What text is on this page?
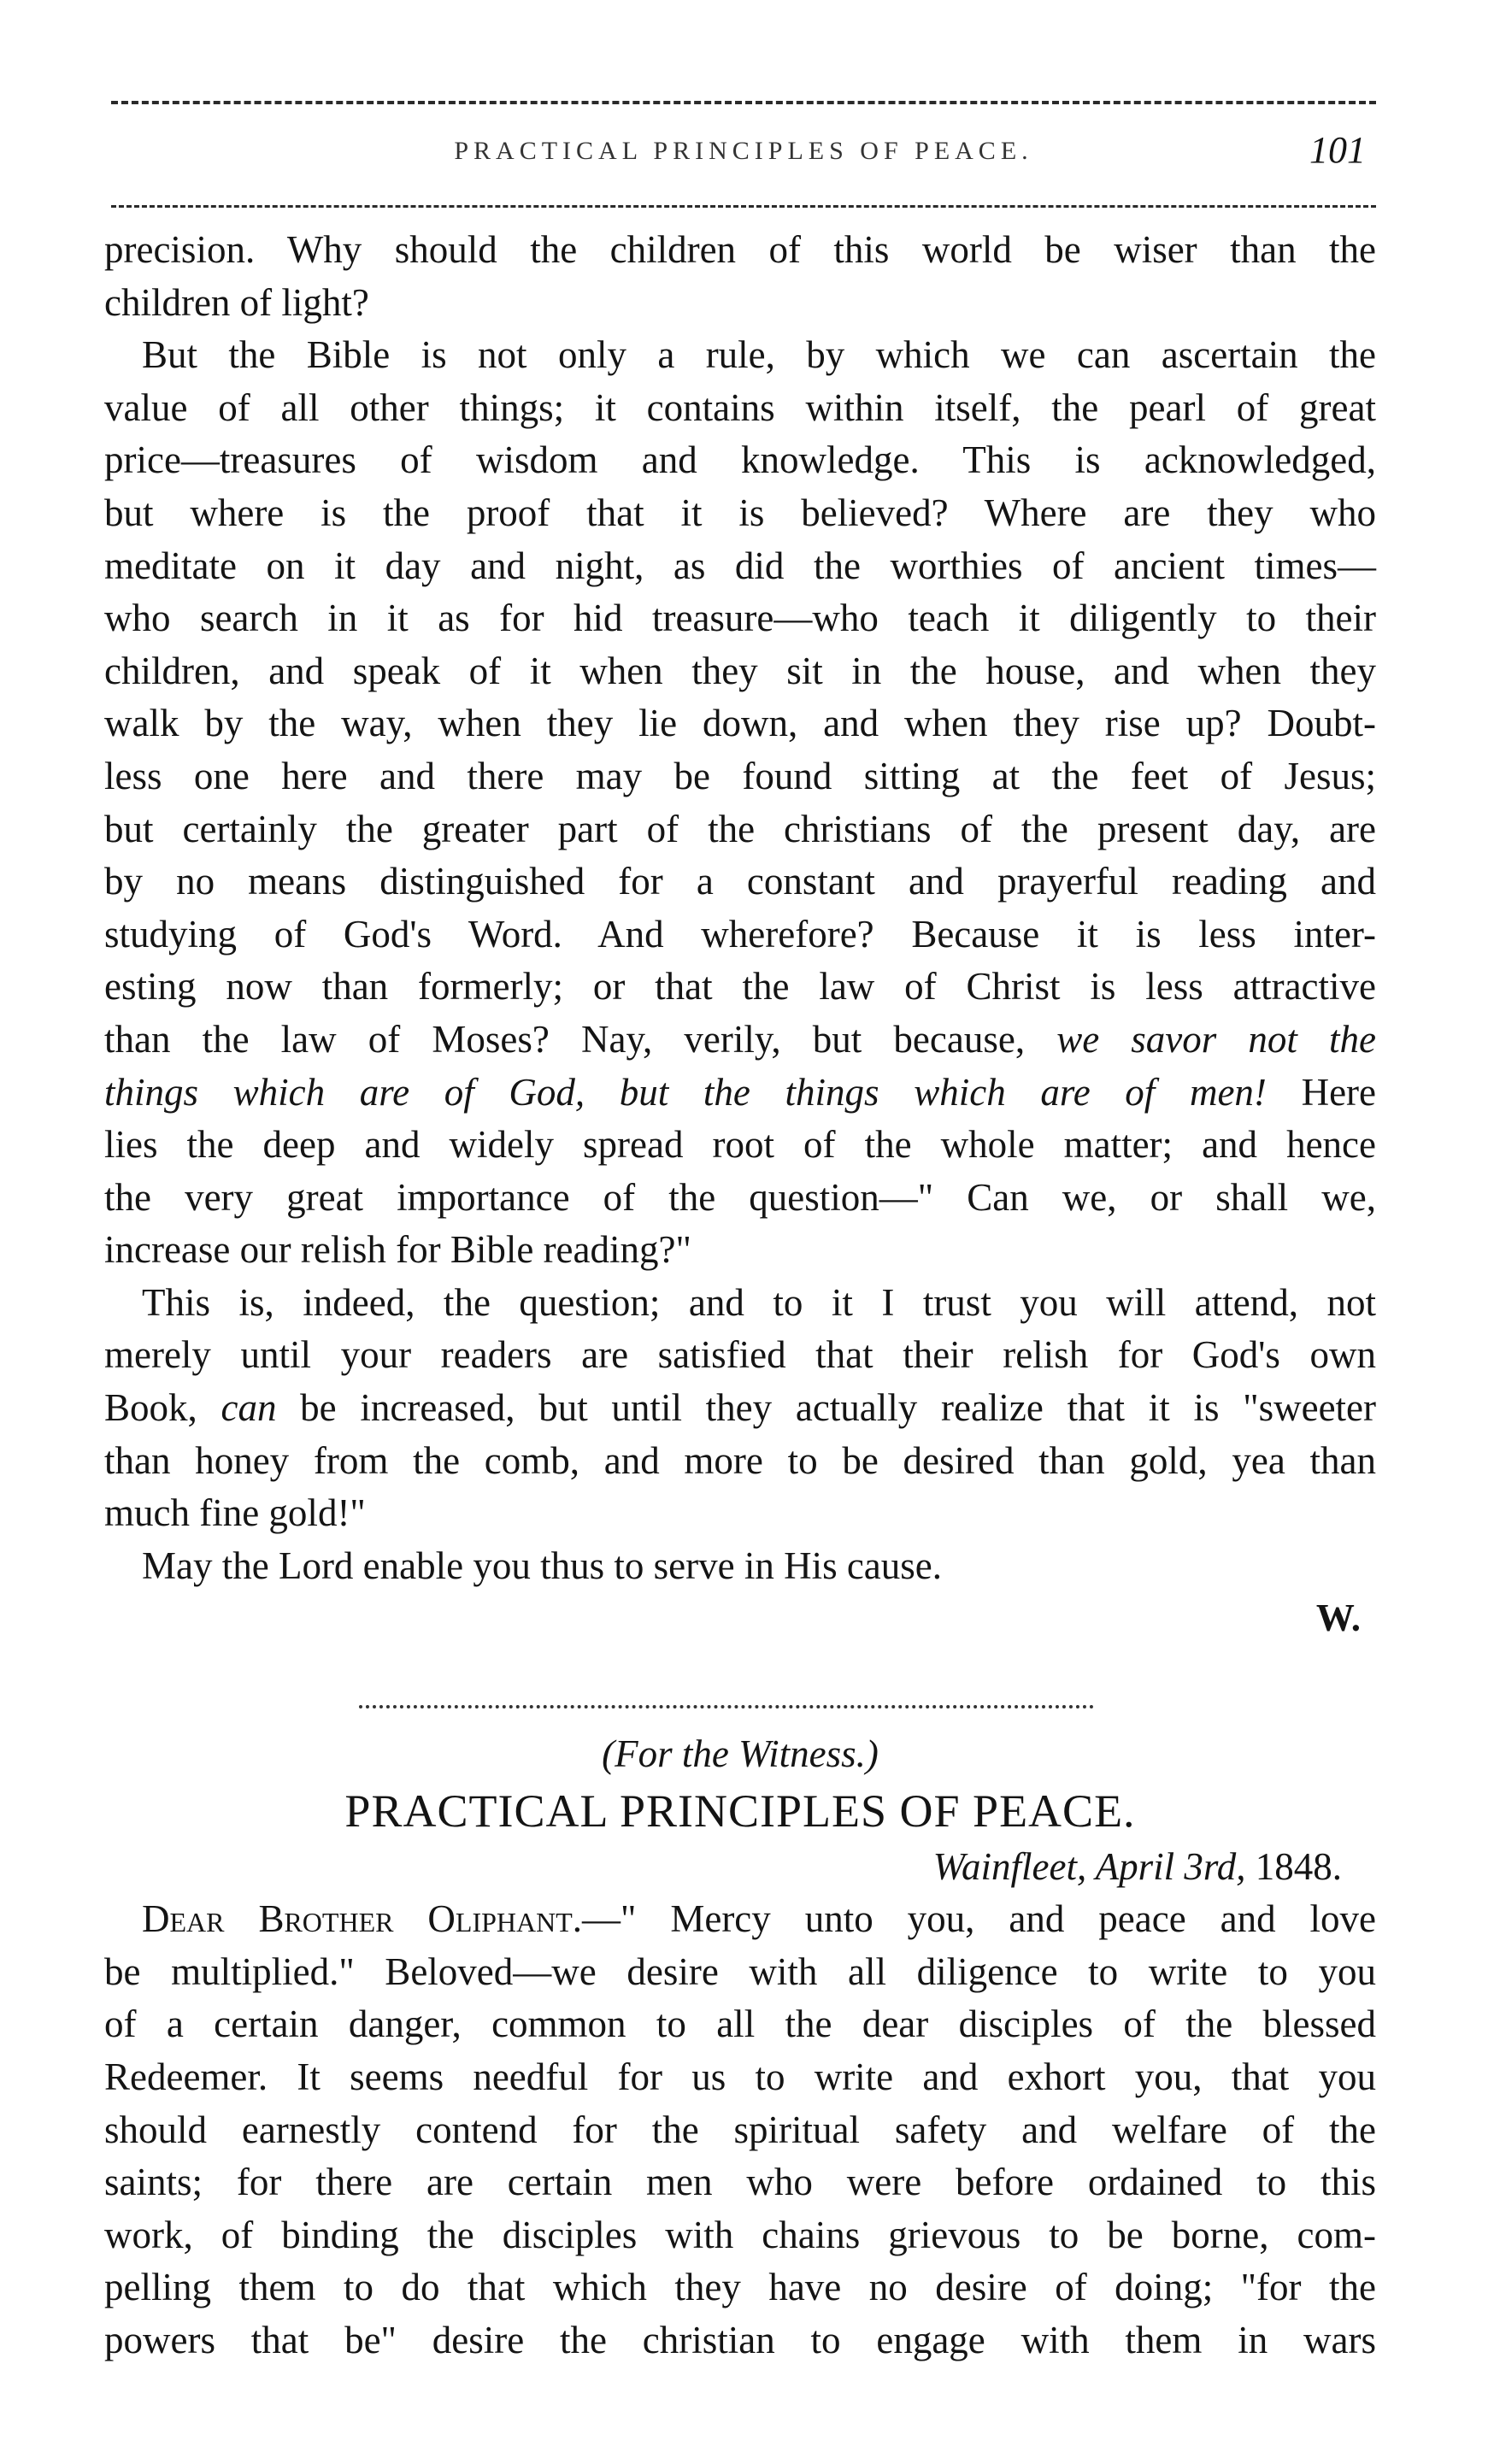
PRACTICAL PRINCIPLES OF PEACE.	101
precision. Why should the children of this world be wiser than the
children of light?
But the Bible is not only a rule, by which we can ascertain the
value of all other things; it contains within itself, the pearl of great
price—treasures of wisdom and knowledge. This is acknowledged,
but where is the proof that it is believed? Where are they who
meditate on it day and night, as did the worthies of ancient times—
who search in it as for hid treasure—who teach it diligently to their
children, and speak of it when they sit in the house, and when they
walk by the way, when they lie down, and when they rise up? Doubt-
less one here and there may be found sitting at the feet of Jesus;
but certainly the greater part of the christians of the present day, are
by no means distinguished for a constant and prayerful reading and
studying of God's Word. And wherefore? Because it is less inter-
esting now than formerly; or that the law of Christ is less attractive
than the law of Moses? Nay, verily, but because, we savor not the
things which are of God, but the things which are of men! Here
lies the deep and widely spread root of the whole matter; and hence
the very great importance of the question—" Can we, or shall we,
increase our relish for Bible reading?"
This is, indeed, the question; and to it I trust you will attend, not
merely until your readers are satisfied that their relish for God's own
Book, can be increased, but until they actually realize that it is "sweeter
than honey from the comb, and more to be desired than gold, yea than
much fine gold!"
May the Lord enable you thus to serve in His cause.
W.
(For the Witness.)
PRACTICAL PRINCIPLES OF PEACE.
Wainfleet, April 3rd, 1848.
Dear Brother Oliphant.—" Mercy unto you, and peace and love
be multiplied." Beloved—we desire with all diligence to write to you
of a certain danger, common to all the dear disciples of the blessed
Redeemer. It seems needful for us to write and exhort you, that you
should earnestly contend for the spiritual safety and welfare of the
saints; for there are certain men who were before ordained to this
work, of binding the disciples with chains grievous to be borne, com-
pelling them to do that which they have no desire of doing; "for the
powers that be" desire the christian to engage with them in wars
